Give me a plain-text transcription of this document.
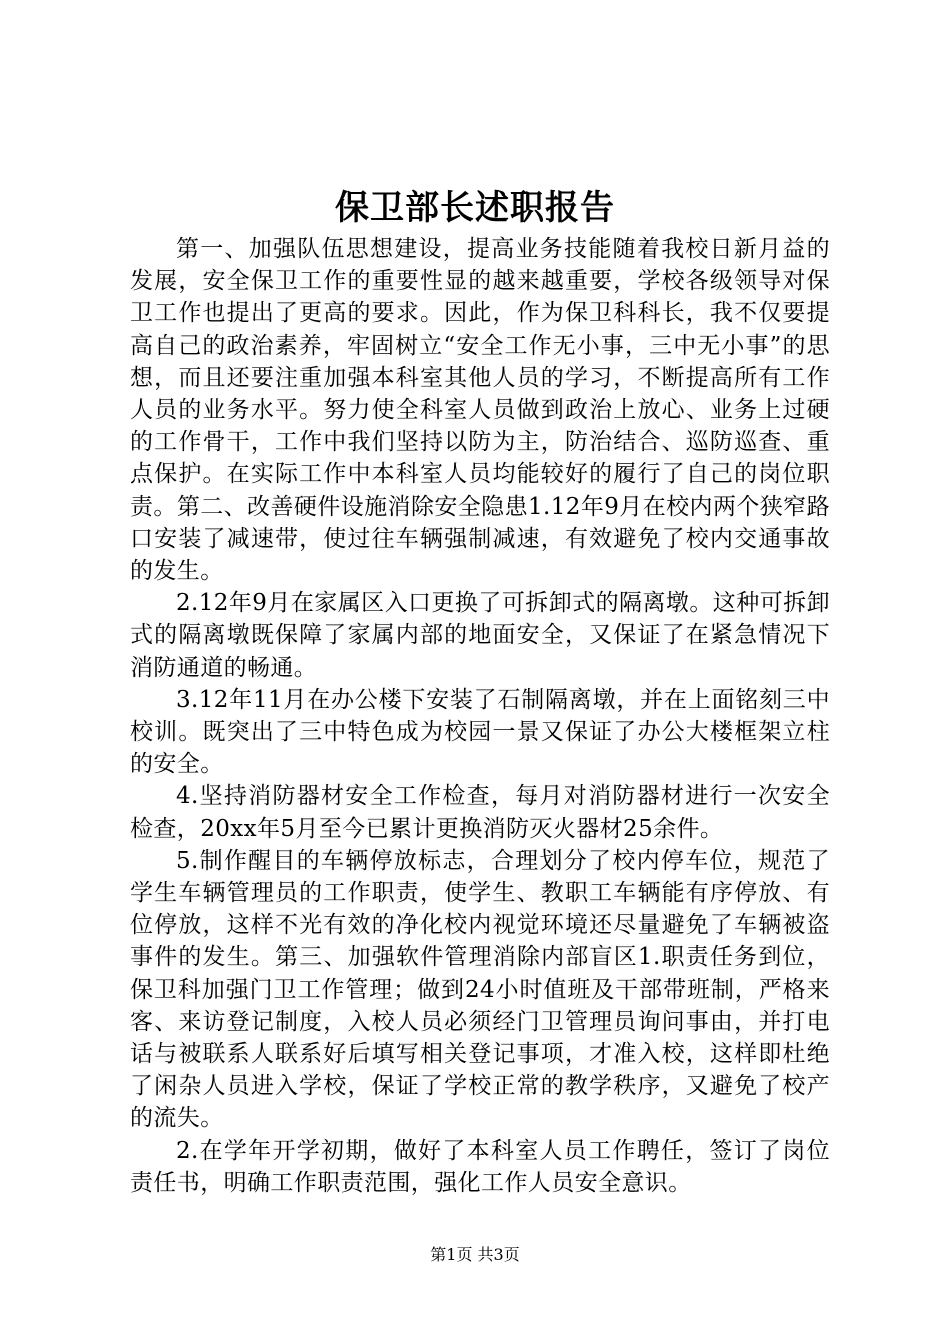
保卫部长述职报告

第一、加强队伍思想建设，提高业务技能随着我校日新月益的发展，安全保卫工作的重要性显的越来越重要，学校各级领导对保卫工作也提出了更高的要求。因此，作为保卫科科长，我不仅要提高自己的政治素养，牢固树立“安全工作无小事，三中无小事”的思想，而且还要注重加强本科室其他人员的学习，不断提高所有工作人员的业务水平。努力使全科室人员做到政治上放心、业务上过硬的工作骨干，工作中我们坚持以防为主，防治结合、巡防巡查、重点保护。在实际工作中本科室人员均能较好的履行了自己的岗位职责。第二、改善硬件设施消除安全隐患1.12年9月在校内两个狭窄路口安装了减速带，使过往车辆强制减速，有效避免了校内交通事故的发生。

2.12年9月在家属区入口更换了可拆卸式的隔离墩。这种可拆卸式的隔离墩既保障了家属内部的地面安全，又保证了在紧急情况下消防通道的畅通。

3.12年11月在办公楼下安装了石制隔离墩，并在上面铭刻三中校训。既突出了三中特色成为校园一景又保证了办公大楼框架立柱的安全。

4.坚持消防器材安全工作检查，每月对消防器材进行一次安全检查，20xx年5月至今已累计更换消防灭火器材25余件。

5.制作醒目的车辆停放标志，合理划分了校内停车位，规范了学生车辆管理员的工作职责，使学生、教职工车辆能有序停放、有位停放，这样不光有效的净化校内视觉环境还尽量避免了车辆被盗事件的发生。第三、加强软件管理消除内部盲区1.职责任务到位，保卫科加强门卫工作管理；做到24小时值班及干部带班制，严格来客、来访登记制度，入校人员必须经门卫管理员询问事由，并打电话与被联系人联系好后填写相关登记事项，才准入校，这样即杜绝了闲杂人员进入学校，保证了学校正常的教学秩序，又避免了校产的流失。

2.在学年开学初期，做好了本科室人员工作聘任，签订了岗位责任书，明确工作职责范围，强化工作人员安全意识。

第1页 共3页
